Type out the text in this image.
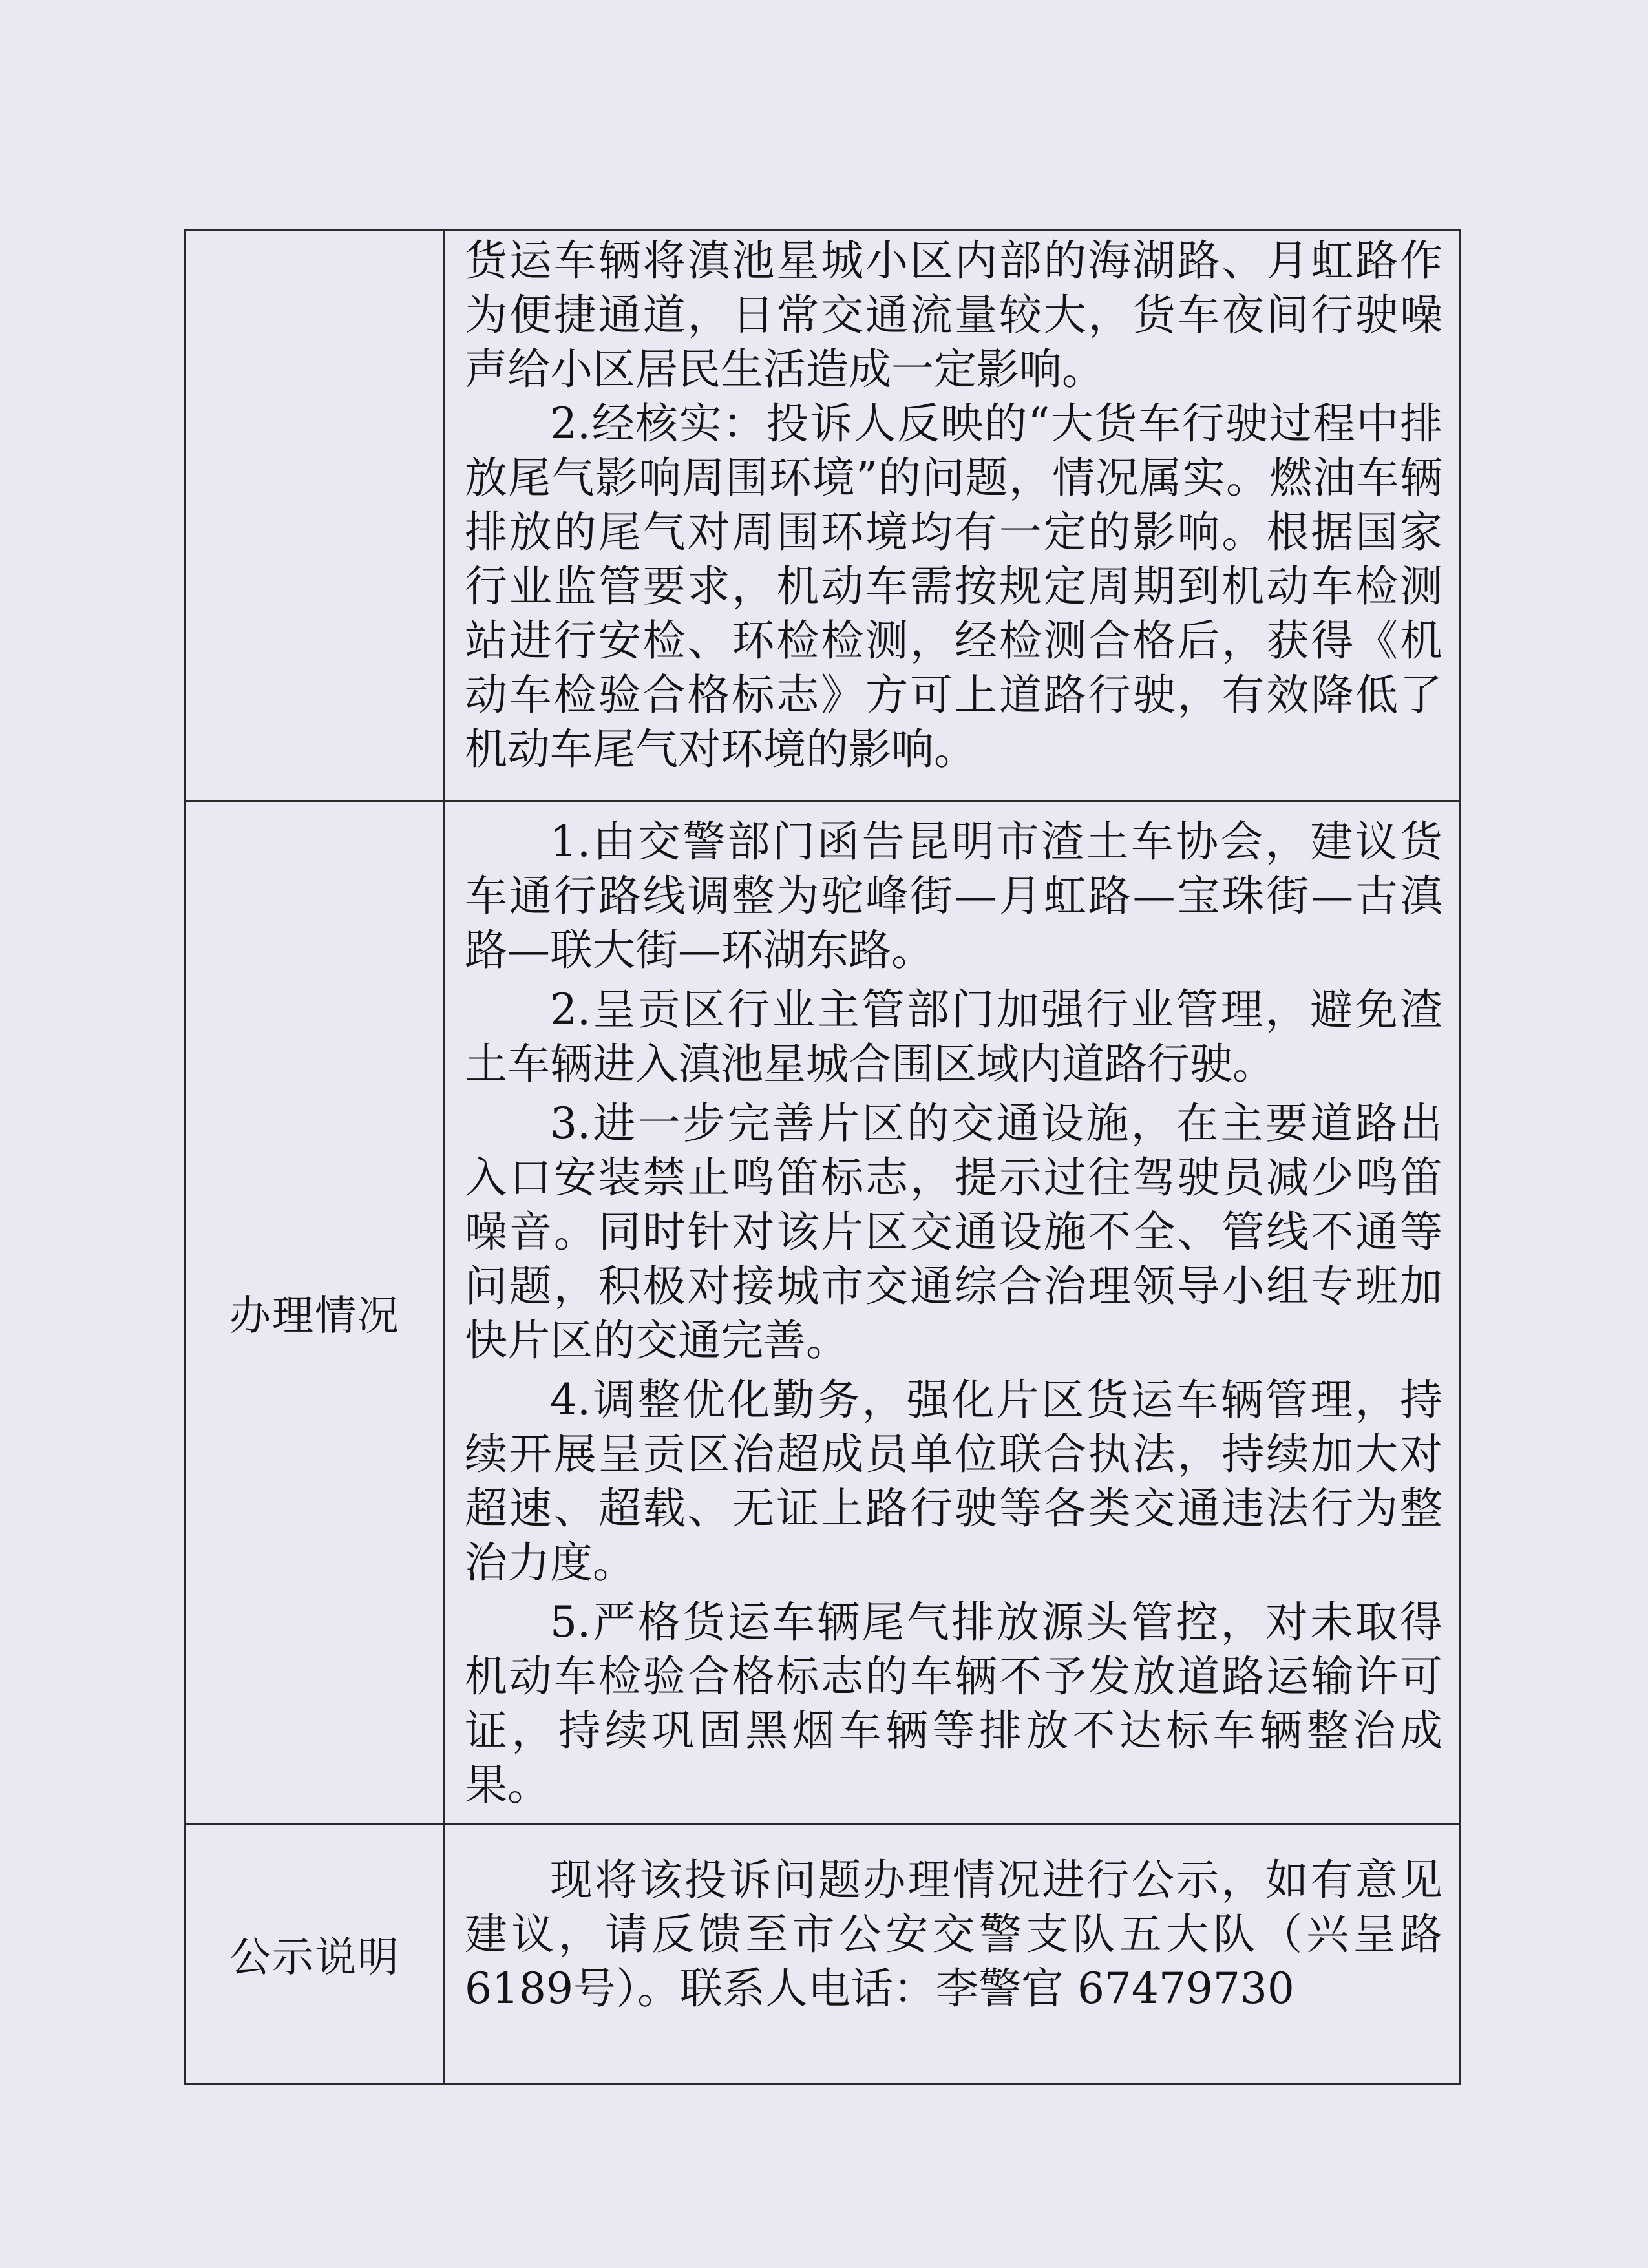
	货运车辆将滇池星城小区内部的海湖路、月虹路作为便捷通道，日常交通流量较大，货车夜间行驶噪声给小区居民生活造成一定影响。

2.经核实：投诉人反映的“大货车行驶过程中排放尾气影响周围环境”的问题，情况属实。燃油车辆排放的尾气对周围环境均有一定的影响。根据国家行业监管要求，机动车需按规定周期到机动车检测站进行安检、环检检测，经检测合格后，获得《机动车检验合格标志》方可上道路行驶，有效降低了机动车尾气对环境的影响。

办理情况	1.由交警部门函告昆明市渣土车协会，建议货车通行路线调整为驼峰街—月虹路—宝珠街—古滇路—联大街—环湖东路。

2.呈贡区行业主管部门加强行业管理，避免渣土车辆进入滇池星城合围区域内道路行驶。

3.进一步完善片区的交通设施，在主要道路出入口安装禁止鸣笛标志，提示过往驾驶员减少鸣笛噪音。同时针对该片区交通设施不全、管线不通等问题，积极对接城市交通综合治理领导小组专班加快片区的交通完善。

4.调整优化勤务，强化片区货运车辆管理，持续开展呈贡区治超成员单位联合执法，持续加大对超速、超载、无证上路行驶等各类交通违法行为整治力度。

5.严格货运车辆尾气排放源头管控，对未取得机动车检验合格标志的车辆不予发放道路运输许可证，持续巩固黑烟车辆等排放不达标车辆整治成果。

公示说明	现将该投诉问题办理情况进行公示，如有意见建议，请反馈至市公安交警支队五大队（兴呈路6189号）。联系人电话：李警官 67479730
